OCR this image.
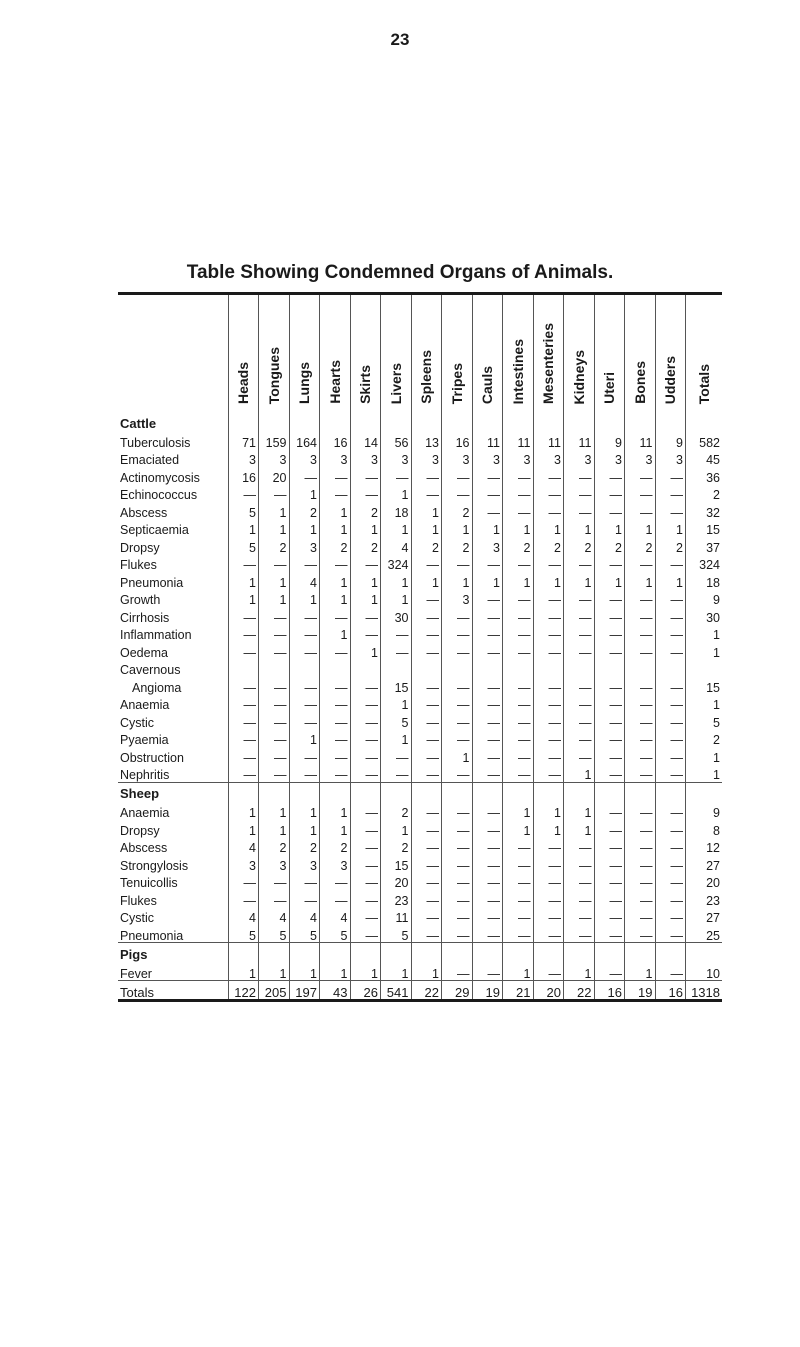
23
Table Showing Condemned Organs of Animals.

	Heads	Tongues	Lungs	Hearts	Skirts	Livers	Spleens	Tripes	Cauls	Intestines	Mesenteries	Kidneys	Uteri	Bones	Udders	Totals

Cattle																
Tuberculosis	71	159	164	16	14	56	13	16	11	11	11	11	9	11	9	582
Emaciated	3	3	3	3	3	3	3	3	3	3	3	3	3	3	3	45
Actinomycosis	16	20	—	—	—	—	—	—	—	—	—	—	—	—	—	36
Echinococcus	—	—	1	—	—	1	—	—	—	—	—	—	—	—	—	2
Abscess	5	1	2	1	2	18	1	2	—	—	—	—	—	—	—	32
Septicaemia	1	1	1	1	1	1	1	1	1	1	1	1	1	1	1	15
Dropsy	5	2	3	2	2	4	2	2	3	2	2	2	2	2	2	37
Flukes	—	—	—	—	—	324	—	—	—	—	—	—	—	—	—	324
Pneumonia	1	1	4	1	1	1	1	1	1	1	1	1	1	1	1	18
Growth	1	1	1	1	1	1	—	3	—	—	—	—	—	—	—	9
Cirrhosis	—	—	—	—	—	30	—	—	—	—	—	—	—	—	—	30
Inflammation	—	—	—	1	—	—	—	—	—	—	—	—	—	—	—	1
Oedema	—	—	—	—	1	—	—	—	—	—	—	—	—	—	—	1
Cavernous																
Angioma	—	—	—	—	—	15	—	—	—	—	—	—	—	—	—	15
Anaemia	—	—	—	—	—	1	—	—	—	—	—	—	—	—	—	1
Cystic	—	—	—	—	—	5	—	—	—	—	—	—	—	—	—	5
Pyaemia	—	—	1	—	—	1	—	—	—	—	—	—	—	—	—	2
Obstruction	—	—	—	—	—	—	—	1	—	—	—	—	—	—	—	1
Nephritis	—	—	—	—	—	—	—	—	—	—	—	1	—	—	—	1
Sheep																
Anaemia	1	1	1	1	—	2	—	—	—	1	1	1	—	—	—	9
Dropsy	1	1	1	1	—	1	—	—	—	1	1	1	—	—	—	8
Abscess	4	2	2	2	—	2	—	—	—	—	—	—	—	—	—	12
Strongylosis	3	3	3	3	—	15	—	—	—	—	—	—	—	—	—	27
Tenuicollis	—	—	—	—	—	20	—	—	—	—	—	—	—	—	—	20
Flukes	—	—	—	—	—	23	—	—	—	—	—	—	—	—	—	23
Cystic	4	4	4	4	—	11	—	—	—	—	—	—	—	—	—	27
Pneumonia	5	5	5	5	—	5	—	—	—	—	—	—	—	—	—	25
Pigs																
Fever	1	1	1	1	1	1	1	—	—	1	—	1	—	1	—	10
Totals	122	205	197	43	26	541	22	29	19	21	20	22	16	19	16	1318
